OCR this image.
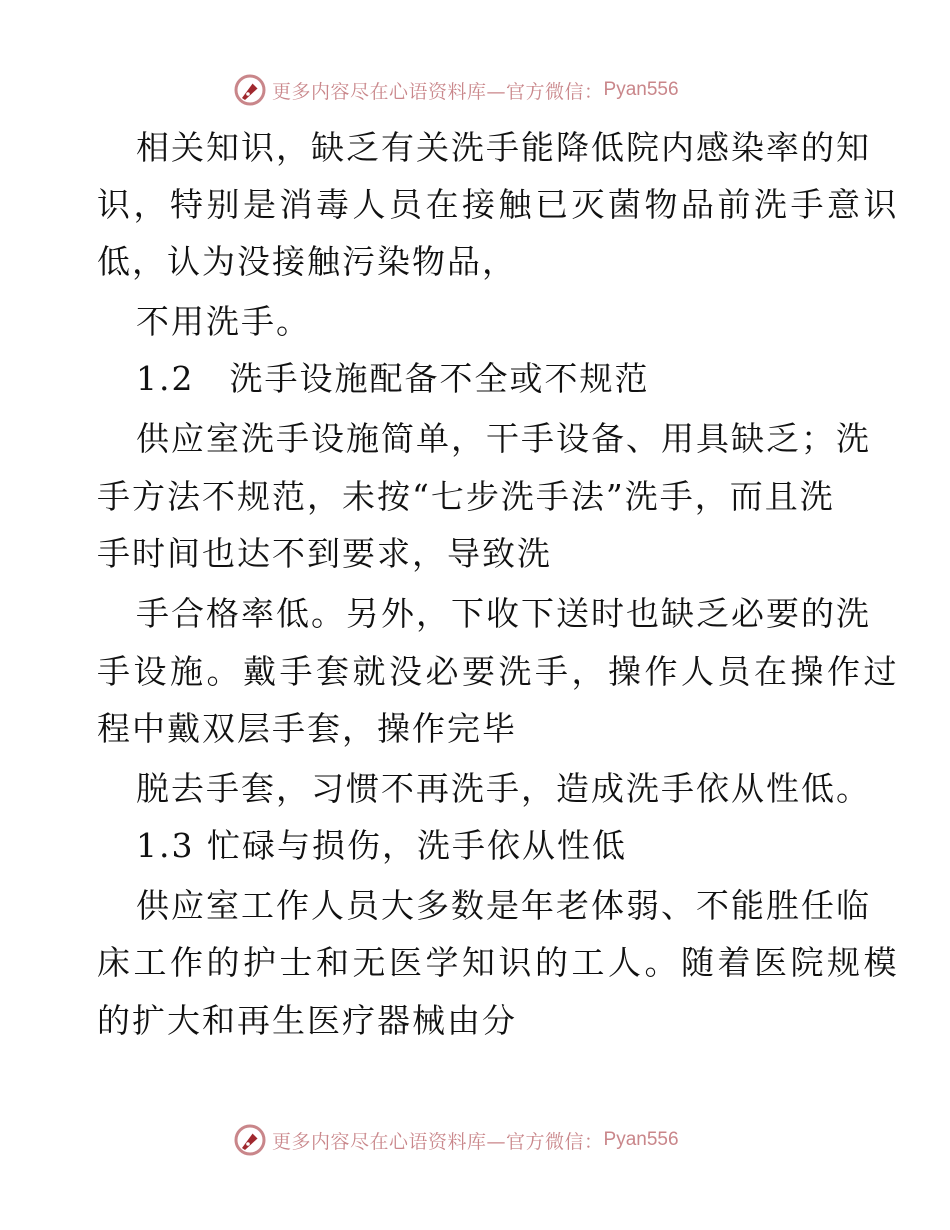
更多内容尽在心语资料库—官方微信： Pyan556
相关知识，缺乏有关洗手能降低院内感染率的知
识，特别是消毒人员在接触已灭菌物品前洗手意识
低，认为没接触污染物品，
不用洗手。
1.2　洗手设施配备不全或不规范
供应室洗手设施简单，干手设备、用具缺乏；洗
手方法不规范，未按“七步洗手法”洗手，而且洗
手时间也达不到要求，导致洗
手合格率低。另外，下收下送时也缺乏必要的洗
手设施。戴手套就没必要洗手，操作人员在操作过
程中戴双层手套，操作完毕
脱去手套，习惯不再洗手，造成洗手依从性低。
1.3 忙碌与损伤，洗手依从性低
供应室工作人员大多数是年老体弱、不能胜任临
床工作的护士和无医学知识的工人。随着医院规模
的扩大和再生医疗器械由分
更多内容尽在心语资料库—官方微信： Pyan556
